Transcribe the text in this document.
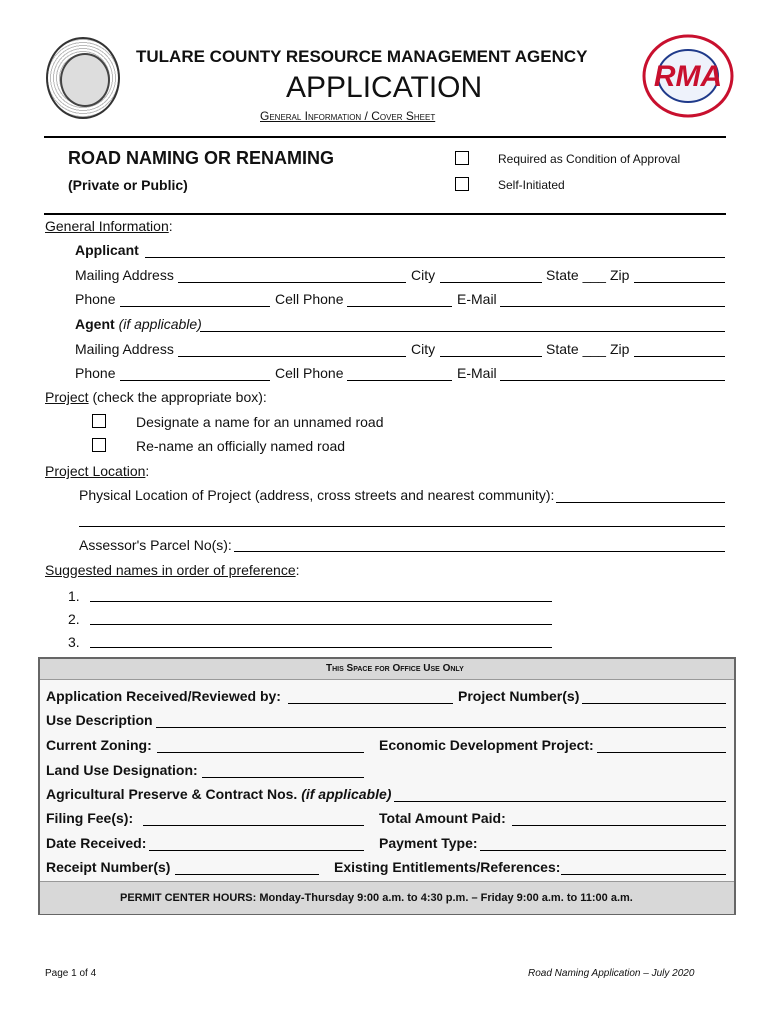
TULARE COUNTY RESOURCE MANAGEMENT AGENCY
APPLICATION
General Information / Cover Sheet
RMA
ROAD NAMING OR RENAMING
(Private or Public)
Required as Condition of Approval
Self-Initiated
General Information:
Applicant
Mailing Address	City	State ___ Zip
Phone	Cell Phone	E-Mail
Agent (if applicable)
Mailing Address	City	State ___ Zip
Phone	Cell Phone	E-Mail
Project (check the appropriate box):
Designate a name for an unnamed road
Re-name an officially named road
Project Location:
Physical Location of Project (address, cross streets and nearest community):
Assessor's Parcel No(s):
Suggested names in order of preference:
1.
2.
3.
This Space for Office Use Only
Application Received/Reviewed by:	Project Number(s)
Use Description
Current Zoning:	Economic Development Project:
Land Use Designation:
Agricultural Preserve & Contract Nos. (if applicable)
Filing Fee(s):	Total Amount Paid:
Date Received:	Payment Type:
Receipt Number(s)	Existing Entitlements/References:
PERMIT CENTER HOURS: Monday-Thursday 9:00 a.m. to 4:30 p.m. – Friday 9:00 a.m. to 11:00 a.m.
Page 1 of 4	Road Naming Application – July 2020
